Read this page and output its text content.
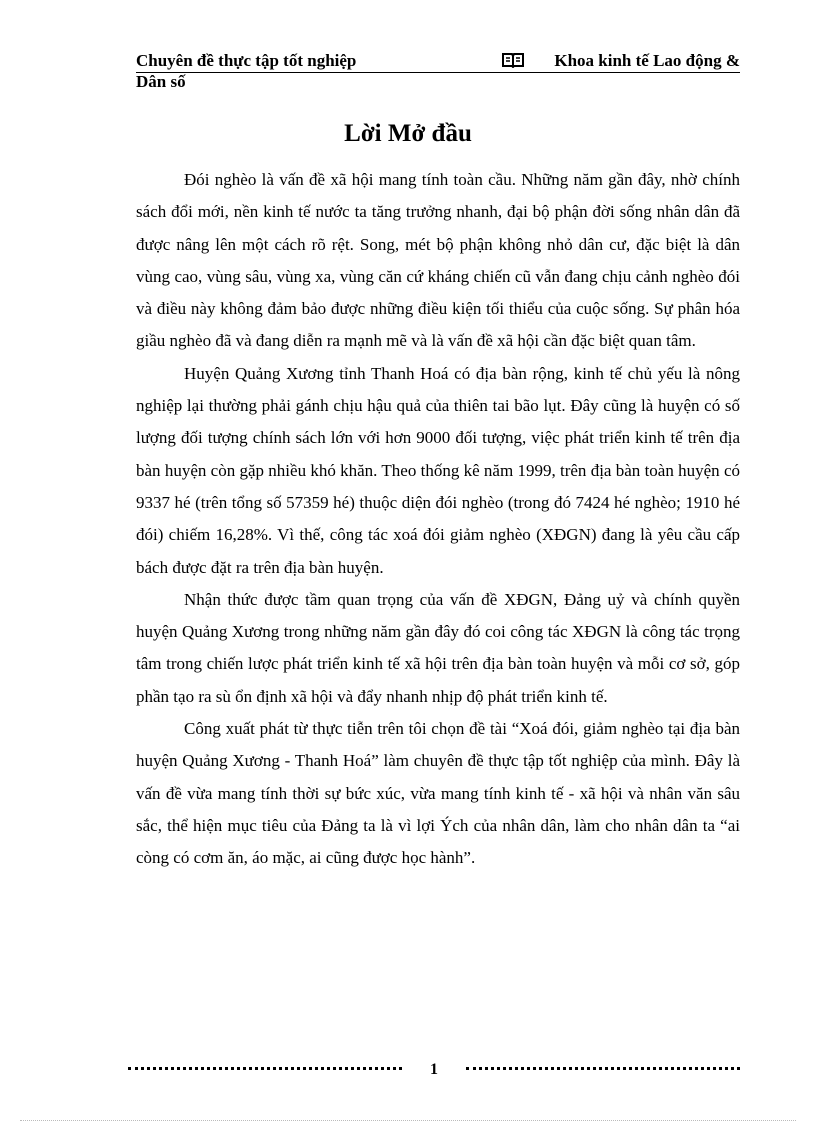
Chuyên đề thực tập tốt nghiệp	Khoa kinh tế Lao động &
Dân số
Lời Mở đầu

Đói nghèo là vấn đề xã hội mang tính toàn cầu. Những năm gần đây, nhờ chính sách đổi mới, nền kinh tế nước ta tăng trưởng nhanh, đại bộ phận đời sống nhân dân đã được nâng lên một cách rõ rệt. Song, mét bộ phận không nhỏ dân cư, đặc biệt là dân vùng cao, vùng sâu, vùng xa, vùng căn cứ kháng chiến cũ vẫn đang chịu cảnh nghèo đói và điều này không đảm bảo được những điều kiện tối thiểu của cuộc sống. Sự phân hóa giầu nghèo đã và đang diễn ra mạnh mẽ và là vấn đề xã hội cần đặc biệt quan tâm.

Huyện Quảng Xương tỉnh Thanh Hoá có địa bàn rộng, kinh tế chủ yếu là nông nghiệp lại thường phải gánh chịu hậu quả của thiên tai bão lụt. Đây cũng là huyện có số lượng đối tượng chính sách lớn với hơn 9000 đối tượng, việc phát triển kinh tế trên địa bàn huyện còn gặp nhiều khó khăn. Theo thống kê năm 1999, trên địa bàn toàn huyện có 9337 hé (trên tổng số 57359 hé) thuộc diện đói nghèo (trong đó 7424 hé nghèo; 1910 hé đói) chiếm 16,28%. Vì thế, công tác xoá đói giảm nghèo (XĐGN) đang là yêu cầu cấp bách được đặt ra trên địa bàn huyện.

Nhận thức được tầm quan trọng của vấn đề XĐGN, Đảng uỷ và chính quyền huyện Quảng Xương trong những năm gần đây đó coi công tác XĐGN là công tác trọng tâm trong chiến lược phát triển kinh tế xã hội trên địa bàn toàn huyện và mỗi cơ sở, góp phần tạo ra sù ổn định xã hội và đẩy nhanh nhịp độ phát triển kinh tế.

Công xuất phát từ thực tiễn trên tôi chọn đề tài “Xoá đói, giảm nghèo tại địa bàn huyện Quảng Xương - Thanh Hoá” làm chuyên đề thực tập tốt nghiệp của mình. Đây là vấn đề vừa mang tính thời sự bức xúc, vừa mang tính kinh tế - xã hội và nhân văn sâu sắc, thể hiện mục tiêu của Đảng ta là vì lợi Ých của nhân dân, làm cho nhân dân ta “ai còng có cơm ăn, áo mặc, ai cũng được học hành”.

1
